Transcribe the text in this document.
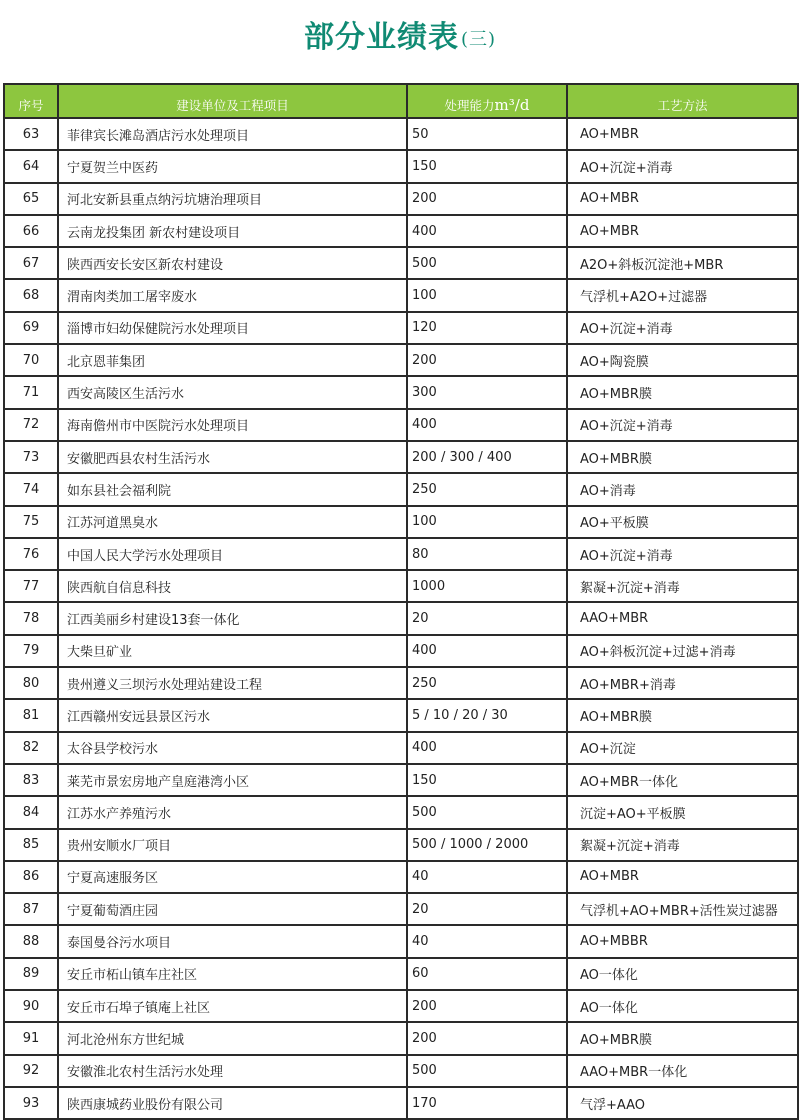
部分业绩表 (三)
序号	建设单位及工程项目	处理能力m³/d	工艺方法
63	菲律宾长滩岛酒店污水处理项目	50	AO+MBR
64	宁夏贺兰中医药	150	AO+沉淀+消毒
65	河北安新县重点纳污坑塘治理项目	200	AO+MBR
66	云南龙投集团 新农村建设项目	400	AO+MBR
67	陕西西安长安区新农村建设	500	A2O+斜板沉淀池+MBR
68	渭南肉类加工屠宰废水	100	气浮机+A2O+过滤器
69	淄博市妇幼保健院污水处理项目	120	AO+沉淀+消毒
70	北京恩菲集团	200	AO+陶瓷膜
71	西安高陵区生活污水	300	AO+MBR膜
72	海南儋州市中医院污水处理项目	400	AO+沉淀+消毒
73	安徽肥西县农村生活污水	200 / 300 / 400	AO+MBR膜
74	如东县社会福利院	250	AO+消毒
75	江苏河道黑臭水	100	AO+平板膜
76	中国人民大学污水处理项目	80	AO+沉淀+消毒
77	陕西航自信息科技	1000	絮凝+沉淀+消毒
78	江西美丽乡村建设13套一体化	20	AAO+MBR
79	大柴旦矿业	400	AO+斜板沉淀+过滤+消毒
80	贵州遵义三坝污水处理站建设工程	250	AO+MBR+消毒
81	江西赣州安远县景区污水	5 / 10 / 20 / 30	AO+MBR膜
82	太谷县学校污水	400	AO+沉淀
83	莱芜市景宏房地产皇庭港湾小区	150	AO+MBR一体化
84	江苏水产养殖污水	500	沉淀+AO+平板膜
85	贵州安顺水厂项目	500 / 1000 / 2000	絮凝+沉淀+消毒
86	宁夏高速服务区	40	AO+MBR
87	宁夏葡萄酒庄园	20	气浮机+AO+MBR+活性炭过滤器
88	泰国曼谷污水项目	40	AO+MBBR
89	安丘市柘山镇车庄社区	60	AO一体化
90	安丘市石埠子镇庵上社区	200	AO一体化
91	河北沧州东方世纪城	200	AO+MBR膜
92	安徽淮北农村生活污水处理	500	AAO+MBR一体化
93	陕西康城药业股份有限公司	170	气浮+AAO
